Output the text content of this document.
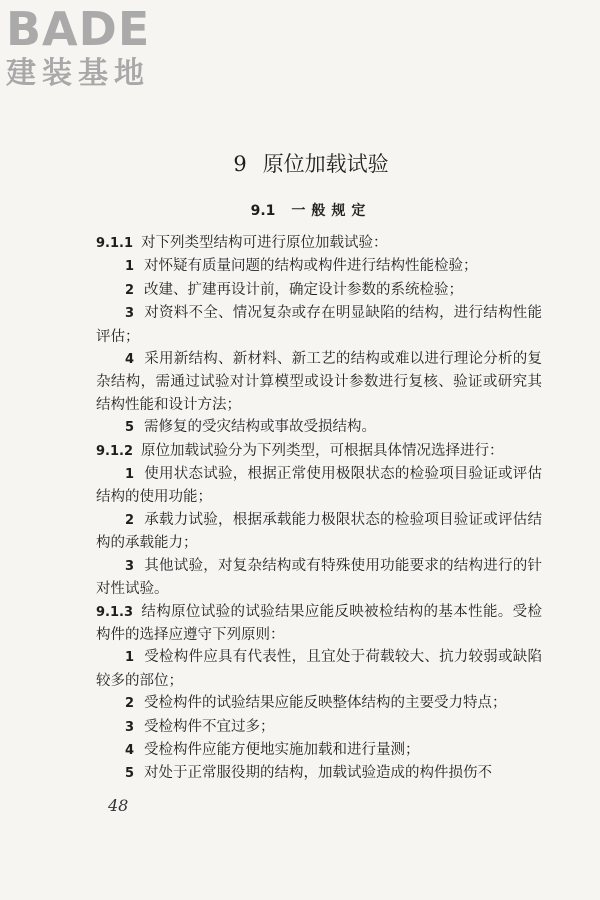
BADE
建装基地
9 原位加载试验
9.1 一般规定

9.1.1 对下列类型结构可进行原位加载试验：

1 对怀疑有质量问题的结构或构件进行结构性能检验；

2 改建、扩建再设计前，确定设计参数的系统检验；

3 对资料不全、情况复杂或存在明显缺陷的结构，进行结构性能评估；

4 采用新结构、新材料、新工艺的结构或难以进行理论分析的复杂结构，需通过试验对计算模型或设计参数进行复核、验证或研究其结构性能和设计方法；

5 需修复的受灾结构或事故受损结构。

9.1.2 原位加载试验分为下列类型，可根据具体情况选择进行：

1 使用状态试验，根据正常使用极限状态的检验项目验证或评估结构的使用功能；

2 承载力试验，根据承载能力极限状态的检验项目验证或评估结构的承载能力；

3 其他试验，对复杂结构或有特殊使用功能要求的结构进行的针对性试验。

9.1.3 结构原位试验的试验结果应能反映被检结构的基本性能。受检构件的选择应遵守下列原则：

1 受检构件应具有代表性，且宜处于荷载较大、抗力较弱或缺陷较多的部位；

2 受检构件的试验结果应能反映整体结构的主要受力特点；

3 受检构件不宜过多；

4 受检构件应能方便地实施加载和进行量测；

5 对处于正常服役期的结构，加载试验造成的构件损伤不

48
